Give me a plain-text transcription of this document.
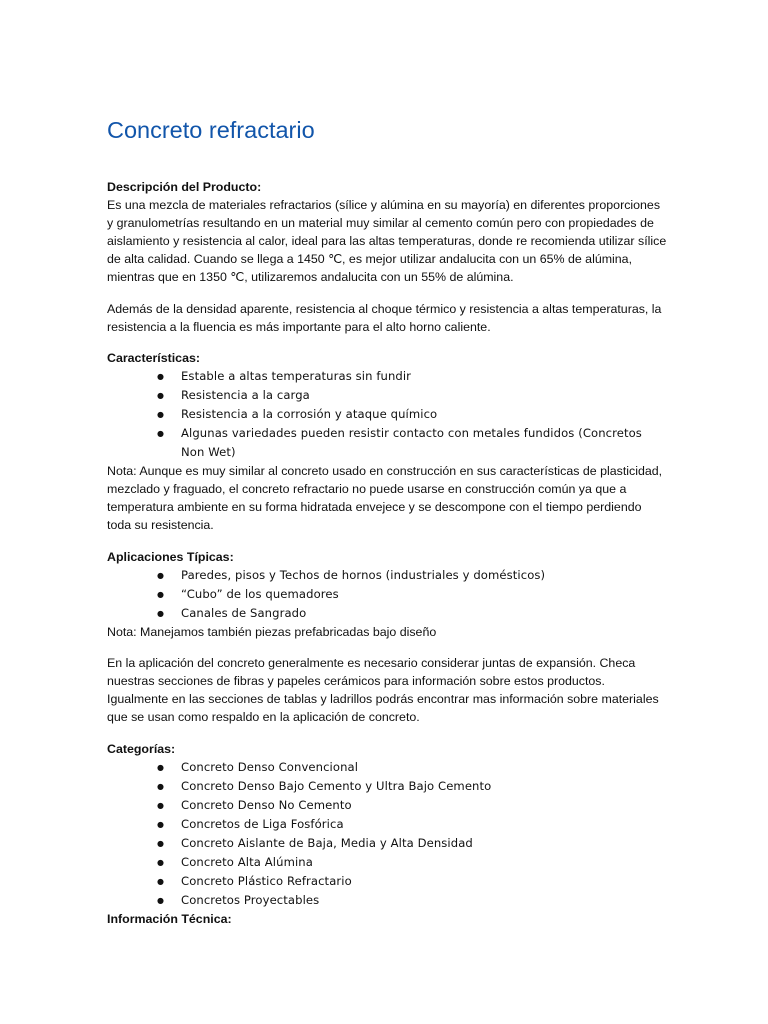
Concreto refractario

Descripción del Producto:

Es una mezcla de materiales refractarios (sílice y alúmina en su mayoría) en diferentes proporciones y granulometrías resultando en un material muy similar al cemento común pero con propiedades de aislamiento y resistencia al calor, ideal para las altas temperaturas, donde re recomienda utilizar sílice de alta calidad. Cuando se llega a 1450 ℃, es mejor utilizar andalucita con un 65% de alúmina, mientras que en 1350 ℃, utilizaremos andalucita con un 55% de alúmina.

Además de la densidad aparente, resistencia al choque térmico y resistencia a altas temperaturas, la resistencia a la fluencia es más importante para el alto horno caliente.

Características:

● Estable a altas temperaturas sin fundir
● Resistencia a la carga
● Resistencia a la corrosión y ataque químico
● Algunas variedades pueden resistir contacto con metales fundidos (Concretos Non Wet)

Nota: Aunque es muy similar al concreto usado en construcción en sus características de plasticidad, mezclado y fraguado, el concreto refractario no puede usarse en construcción común ya que a temperatura ambiente en su forma hidratada envejece y se descompone con el tiempo perdiendo toda su resistencia.

Aplicaciones Típicas:

● Paredes, pisos y Techos de hornos (industriales y domésticos)
● “Cubo” de los quemadores
● Canales de Sangrado

Nota: Manejamos también piezas prefabricadas bajo diseño

En la aplicación del concreto generalmente es necesario considerar juntas de expansión. Checa nuestras secciones de fibras y papeles cerámicos para información sobre estos productos. Igualmente en las secciones de tablas y ladrillos podrás encontrar mas información sobre materiales que se usan como respaldo en la aplicación de concreto.

Categorías:

● Concreto Denso Convencional
● Concreto Denso Bajo Cemento y Ultra Bajo Cemento
● Concreto Denso No Cemento
● Concretos de Liga Fosfórica
● Concreto Aislante de Baja, Media y Alta Densidad
● Concreto Alta Alúmina
● Concreto Plástico Refractario
● Concretos Proyectables

Información Técnica:
